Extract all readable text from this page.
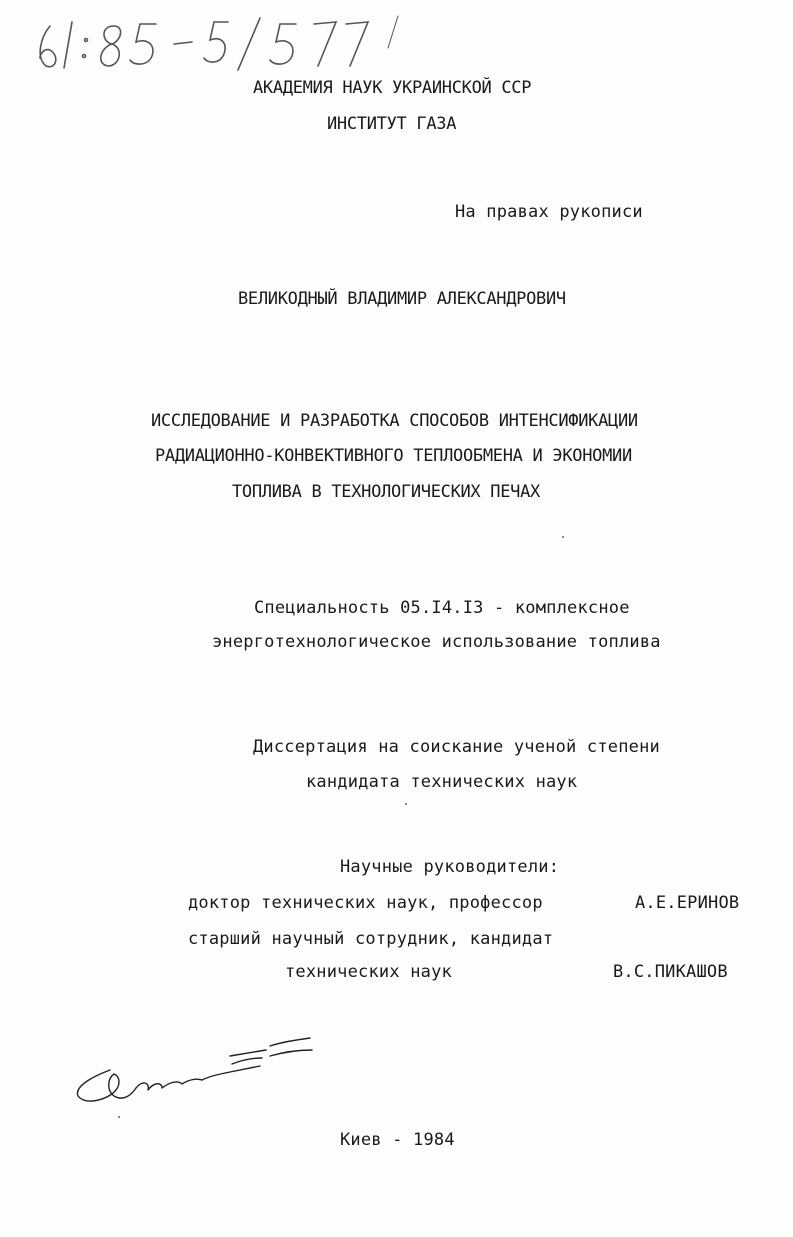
АКАДЕМИЯ НАУК УКРАИНСКОЙ ССР
ИНСТИТУТ ГАЗА
На правах рукописи
ВЕЛИКОДНЫЙ ВЛАДИМИР АЛЕКСАНДРОВИЧ
ИССЛЕДОВАНИЕ И РАЗРАБОТКА СПОСОБОВ ИНТЕНСИФИКАЦИИ
РАДИАЦИОННО-КОНВЕКТИВНОГО ТЕПЛООБМЕНА И ЭКОНОМИИ
ТОПЛИВА В ТЕХНОЛОГИЧЕСКИХ ПЕЧАХ
Специальность 05.I4.I3 - комплексное
энерготехнологическое использование топлива
Диссертация на соискание ученой степени
кандидата технических наук
Научные руководители:
доктор технических наук, профессор	А.Е.ЕРИНОВ
старший научный сотрудник, кандидат
технических наук	В.С.ПИКАШОВ
Киев - 1984
